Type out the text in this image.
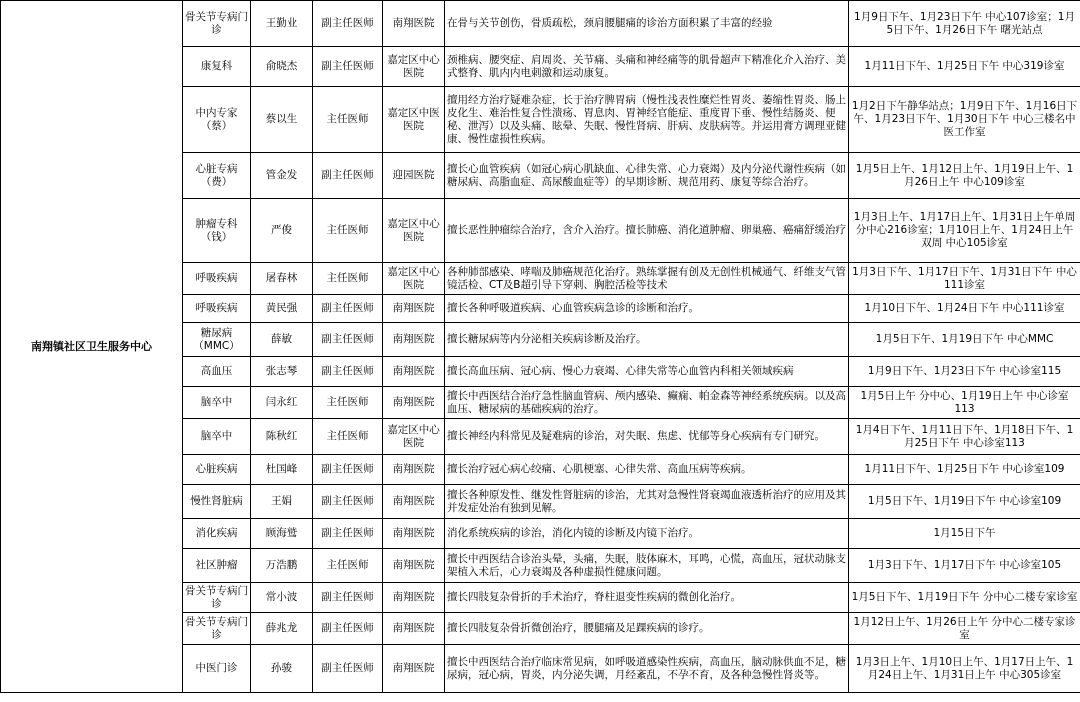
南翔镇社区卫生服务中心	骨关节专病门诊	王勤业	副主任医师	南翔医院	在骨与关节创伤，骨质疏松，颈肩腰腿痛的诊治方面积累了丰富的经验	1月9日下午、1月23日下午 中心107诊室；1月5日下午、1月26日下午 曙光站点
	康复科	俞晓杰	副主任医师	嘉定区中心医院	颈椎病、腰突症、肩周炎、关节痛、头痛和神经痛等的肌骨超声下精准化介入治疗、美式整脊、肌内内电刺激和运动康复。	1月11日下午、1月25日下午 中心319诊室
	中内专家（蔡）	蔡以生	主任医师	嘉定区中医医院	擅用经方治疗疑难杂症，长于治疗脾胃病（慢性浅表性糜烂性胃炎、萎缩性胃炎、肠上皮化生、难治性复合性溃疡、胃息肉、胃神经官能症、重度胃下垂、慢性结肠炎、便秘、泄泻）以及头痛、眩晕、失眠、慢性肾病、肝病、皮肤病等。并运用膏方调理亚健康、慢性虚损性疾病。	1月2日下午静华站点；1月9日下午、1月16日下午、1月23日下午、1月30日下午 中心三楼名中医工作室
	心脏专病（费）	管金发	副主任医师	迎园医院	擅长心血管疾病（如冠心病心肌缺血、心律失常、心力衰竭）及内分泌代谢性疾病（如糖尿病、高脂血症、高尿酸血症等）的早期诊断、规范用药、康复等综合治疗。	1月5日上午、1月12日上午、1月19日上午、1月26日上午 中心109诊室
	肿瘤专科（钱）	严俊	主任医师	嘉定区中心医院	擅长恶性肿瘤综合治疗，含介入治疗。擅长肺癌、消化道肿瘤、卵巢癌、癌痛舒缓治疗	1月3日上午、1月17日上午、1月31日上午单周 分中心216诊室；1月10日上午、1月24日上午双周 中心105诊室
	呼吸疾病	屠春林	主任医师	嘉定区中心医院	各种肺部感染、哮喘及肺癌规范化治疗。熟练掌握有创及无创性机械通气、纤维支气管镜活检、CT及B超引导下穿刺、胸腔活检等技术	1月3日下午、1月17日下午、1月31日下午 中心111诊室
	呼吸疾病	黄民强	副主任医师	南翔医院	擅长各种呼吸道疾病、心血管疾病急诊的诊断和治疗。	1月10日下午、1月24日下午 中心111诊室
	糖尿病（MMC）	薛敏	副主任医师	南翔医院	擅长糖尿病等内分泌相关疾病诊断及治疗。	1月5日下午、1月19日下午 中心MMC
	高血压	张志琴	副主任医师	南翔医院	擅长高血压病、冠心病、慢心力衰竭、心律失常等心血管内科相关领域疾病	1月9日下午、1月23日下午 中心诊室115
	脑卒中	闫永红	主任医师	南翔医院	擅长中西医结合治疗急性脑血管病、颅内感染、癫痫、帕金森等神经系统疾病。以及高血压、糖尿病的基础疾病的治疗。	1月5日上午 分中心、1月19日上午 中心诊室113
	脑卒中	陈秋红	主任医师	嘉定区中心医院	擅长神经内科常见及疑难病的诊治，对失眠、焦虑、忧郁等身心疾病有专门研究。	1月4日下午、1月11日下午、1月18日下午、1月25日下午 中心诊室113
	心脏疾病	杜国峰	副主任医师	南翔医院	擅长治疗冠心病心绞痛、心肌梗塞、心律失常、高血压病等疾病。	1月11日下午、1月25日下午 中心诊室109
	慢性肾脏病	王娟	副主任医师	南翔医院	擅长各种原发性、继发性肾脏病的诊治，尤其对急慢性肾衰竭血液透析治疗的应用及其并发症处治有独到见解。	1月5日下午、1月19日下午 中心诊室109
	消化疾病	顾海鹫	副主任医师	南翔医院	消化系统疾病的诊治，消化内镜的诊断及内镜下治疗。	1月15日下午
	社区肿瘤	万浩鹏	主任医师	南翔医院	擅长中西医结合诊治头晕，头痛，失眠，肢体麻木，耳鸣，心慌，高血压，冠状动脉支架植入术后，心力衰竭及各种虚损性健康问题。	1月3日下午、1月17日下午 中心诊室105
	骨关节专病门诊	常小波	副主任医师	南翔医院	擅长四肢复杂骨折的手术治疗，脊柱退变性疾病的微创化治疗。	1月5日下午、1月19日下午 分中心二楼专家诊室
	骨关节专病门诊	薛兆龙	副主任医师	南翔医院	擅长四肢复杂骨折微创治疗，腰腿痛及足踝疾病的诊疗。	1月12日上午、1月26日上午 分中心二楼专家诊室
	中医门诊	孙骏	副主任医师	南翔医院	擅长中西医结合治疗临床常见病，如呼吸道感染性疾病，高血压，脑动脉供血不足，糖尿病，冠心病，胃炎，内分泌失调，月经紊乱，不孕不育，及各种急慢性肾炎等。	1月3日上午、1月10日上午、1月17日上午、1月24日上午、1月31日上午 中心305诊室
